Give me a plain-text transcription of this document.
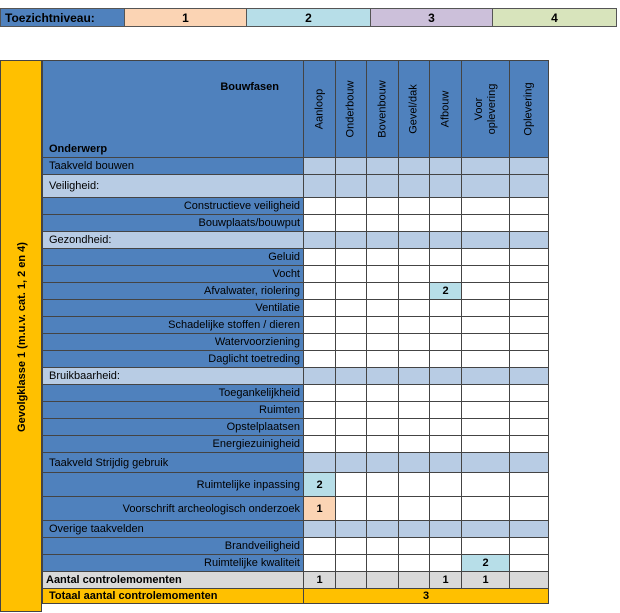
Toezichtniveau:	1	2	3	4
Gevolgklasse 1 (m.u.v. cat. 1, 2 en 4)
Bouwfasen
Onderwerp	Aanloop	Onderbouw	Bovenbouw	Gevel/dak	Afbouw	Voor oplevering	Oplevering

Taakveld bouwen							
Veiligheid:							
Constructieve veiligheid							
Bouwplaats/bouwput							
Gezondheid:							
Geluid							
Vocht							
Afvalwater, riolering					2		
Ventilatie							
Schadelijke stoffen / dieren							
Watervoorziening							
Daglicht toetreding							
Bruikbaarheid:							
Toegankelijkheid							
Ruimten							
Opstelplaatsen							
Energiezuinigheid							
Taakveld Strijdig gebruik							
Ruimtelijke inpassing	2						
Voorschrift archeologisch onderzoek	1						
Overige taakvelden							
Brandveiligheid							
Ruimtelijke kwaliteit						2	
Aantal controlemomenten	1				1	1	
Totaal aantal controlemomenten	3						
